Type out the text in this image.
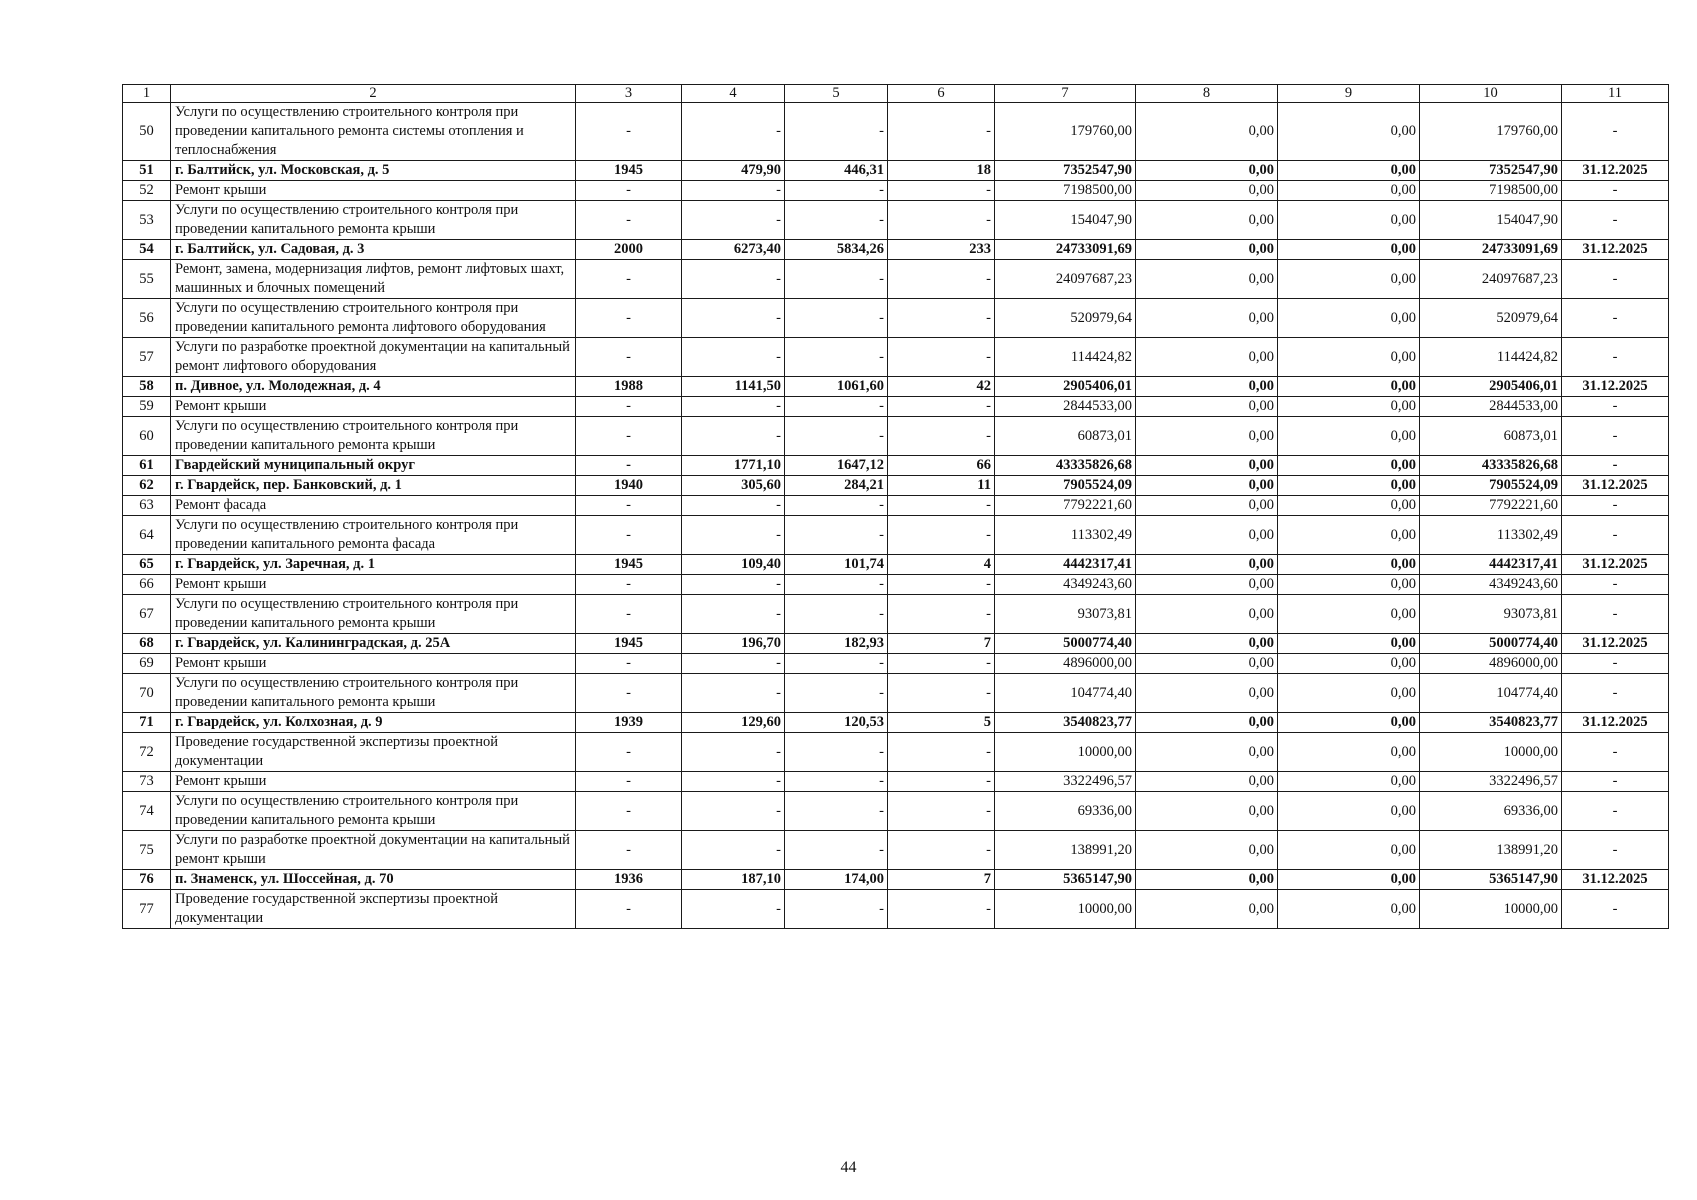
1	2	3	4	5	6	7	8	9	10	11
50	Услуги по осуществлению строительного контроля при проведении капитального ремонта системы отопления и теплоснабжения	-	-	-	-	179760,00	0,00	0,00	179760,00	-
51	г. Балтийск, ул. Московская, д. 5	1945	479,90	446,31	18	7352547,90	0,00	0,00	7352547,90	31.12.2025
52	Ремонт крыши	-	-	-	-	7198500,00	0,00	0,00	7198500,00	-
53	Услуги по осуществлению строительного контроля при проведении капитального ремонта крыши	-	-	-	-	154047,90	0,00	0,00	154047,90	-
54	г. Балтийск, ул. Садовая, д. 3	2000	6273,40	5834,26	233	24733091,69	0,00	0,00	24733091,69	31.12.2025
55	Ремонт, замена, модернизация лифтов, ремонт лифтовых шахт, машинных и блочных помещений	-	-	-	-	24097687,23	0,00	0,00	24097687,23	-
56	Услуги по осуществлению строительного контроля при проведении капитального ремонта лифтового оборудования	-	-	-	-	520979,64	0,00	0,00	520979,64	-
57	Услуги по разработке проектной документации на капитальный ремонт лифтового оборудования	-	-	-	-	114424,82	0,00	0,00	114424,82	-
58	п. Дивное, ул. Молодежная, д. 4	1988	1141,50	1061,60	42	2905406,01	0,00	0,00	2905406,01	31.12.2025
59	Ремонт крыши	-	-	-	-	2844533,00	0,00	0,00	2844533,00	-
60	Услуги по осуществлению строительного контроля при проведении капитального ремонта крыши	-	-	-	-	60873,01	0,00	0,00	60873,01	-
61	Гвардейский муниципальный округ	-	1771,10	1647,12	66	43335826,68	0,00	0,00	43335826,68	-
62	г. Гвардейск, пер. Банковский, д. 1	1940	305,60	284,21	11	7905524,09	0,00	0,00	7905524,09	31.12.2025
63	Ремонт фасада	-	-	-	-	7792221,60	0,00	0,00	7792221,60	-
64	Услуги по осуществлению строительного контроля при проведении капитального ремонта фасада	-	-	-	-	113302,49	0,00	0,00	113302,49	-
65	г. Гвардейск, ул. Заречная, д. 1	1945	109,40	101,74	4	4442317,41	0,00	0,00	4442317,41	31.12.2025
66	Ремонт крыши	-	-	-	-	4349243,60	0,00	0,00	4349243,60	-
67	Услуги по осуществлению строительного контроля при проведении капитального ремонта крыши	-	-	-	-	93073,81	0,00	0,00	93073,81	-
68	г. Гвардейск, ул. Калининградская, д. 25А	1945	196,70	182,93	7	5000774,40	0,00	0,00	5000774,40	31.12.2025
69	Ремонт крыши	-	-	-	-	4896000,00	0,00	0,00	4896000,00	-
70	Услуги по осуществлению строительного контроля при проведении капитального ремонта крыши	-	-	-	-	104774,40	0,00	0,00	104774,40	-
71	г. Гвардейск, ул. Колхозная, д. 9	1939	129,60	120,53	5	3540823,77	0,00	0,00	3540823,77	31.12.2025
72	Проведение государственной экспертизы проектной документации	-	-	-	-	10000,00	0,00	0,00	10000,00	-
73	Ремонт крыши	-	-	-	-	3322496,57	0,00	0,00	3322496,57	-
74	Услуги по осуществлению строительного контроля при проведении капитального ремонта крыши	-	-	-	-	69336,00	0,00	0,00	69336,00	-
75	Услуги по разработке проектной документации на капитальный ремонт крыши	-	-	-	-	138991,20	0,00	0,00	138991,20	-
76	п. Знаменск, ул. Шоссейная, д. 70	1936	187,10	174,00	7	5365147,90	0,00	0,00	5365147,90	31.12.2025
77	Проведение государственной экспертизы проектной документации	-	-	-	-	10000,00	0,00	0,00	10000,00	-
44
